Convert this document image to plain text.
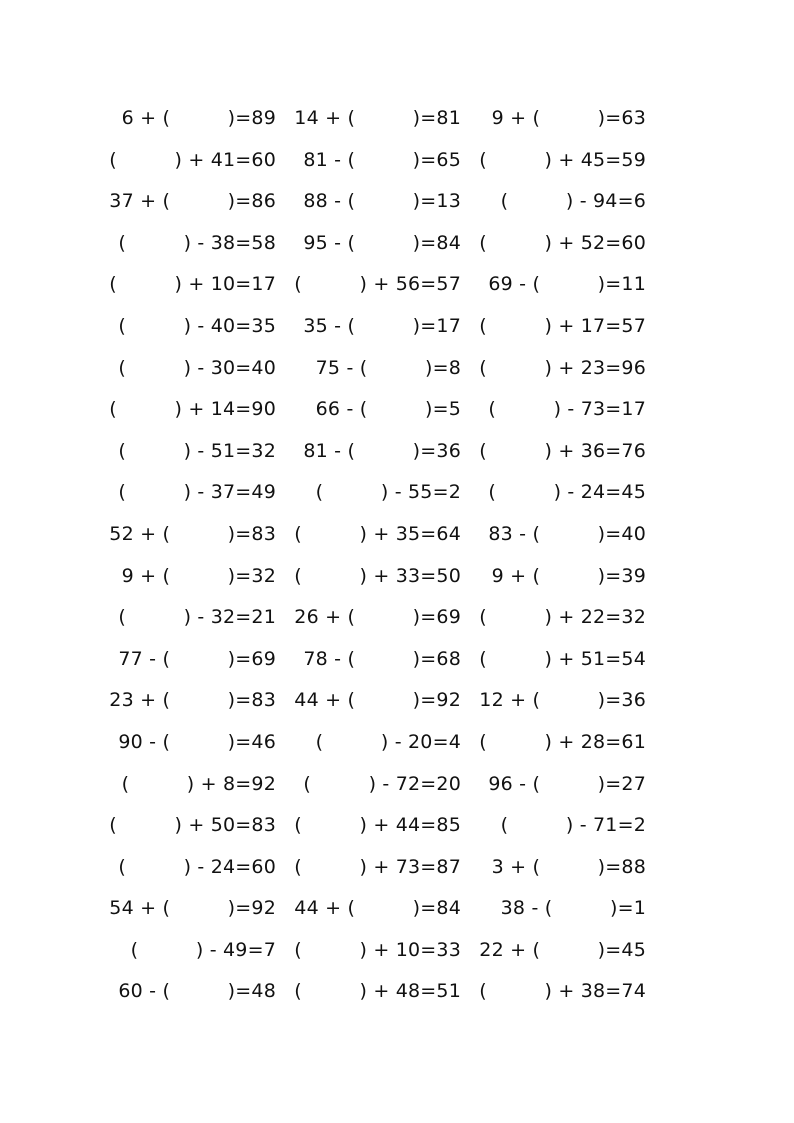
6 + (　　　)=89 14 + (　　　)=81	9 + (　　　)=63
(　　　) + 41=60	81 - (　　　)=65 (　　　) + 45=59
37 + (　　　)=86	88 - (　　　)=13	(　　　) - 94=6
(　　　) - 38=58	95 - (　　　)=84 (　　　) + 52=60
(　　　) + 10=17 (　　　) + 56=57	69 - (　　　)=11
(　　　) - 40=35	35 - (　　　)=17 (　　　) + 17=57
(　　　) - 30=40	75 - (　　　)=8 (　　　) + 23=96
(　　　) + 14=90	66 - (　　　)=5	(　　　) - 73=17
(　　　) - 51=32	81 - (　　　)=36 (　　　) + 36=76
(　　　) - 37=49	(　　　) - 55=2	(　　　) - 24=45
52 + (　　　)=83 (　　　) + 35=64	83 - (　　　)=40
9 + (　　　)=32 (　　　) + 33=50	9 + (　　　)=39
(　　　) - 32=21 26 + (　　　)=69 (　　　) + 22=32
77 - (　　　)=69	78 - (　　　)=68 (　　　) + 51=54
23 + (　　　)=83 44 + (　　　)=92 12 + (　　　)=36
90 - (　　　)=46	(　　　) - 20=4 (　　　) + 28=61
(　　　) + 8=92	(　　　) - 72=20	96 - (　　　)=27
(　　　) + 50=83 (　　　) + 44=85	(　　　) - 71=2
(　　　) - 24=60 (　　　) + 73=87	3 + (　　　)=88
54 + (　　　)=92 44 + (　　　)=84	38 - (　　　)=1
(　　　) - 49=7 (　　　) + 10=33 22 + (　　　)=45
60 - (　　　)=48 (　　　) + 48=51 (　　　) + 38=74
